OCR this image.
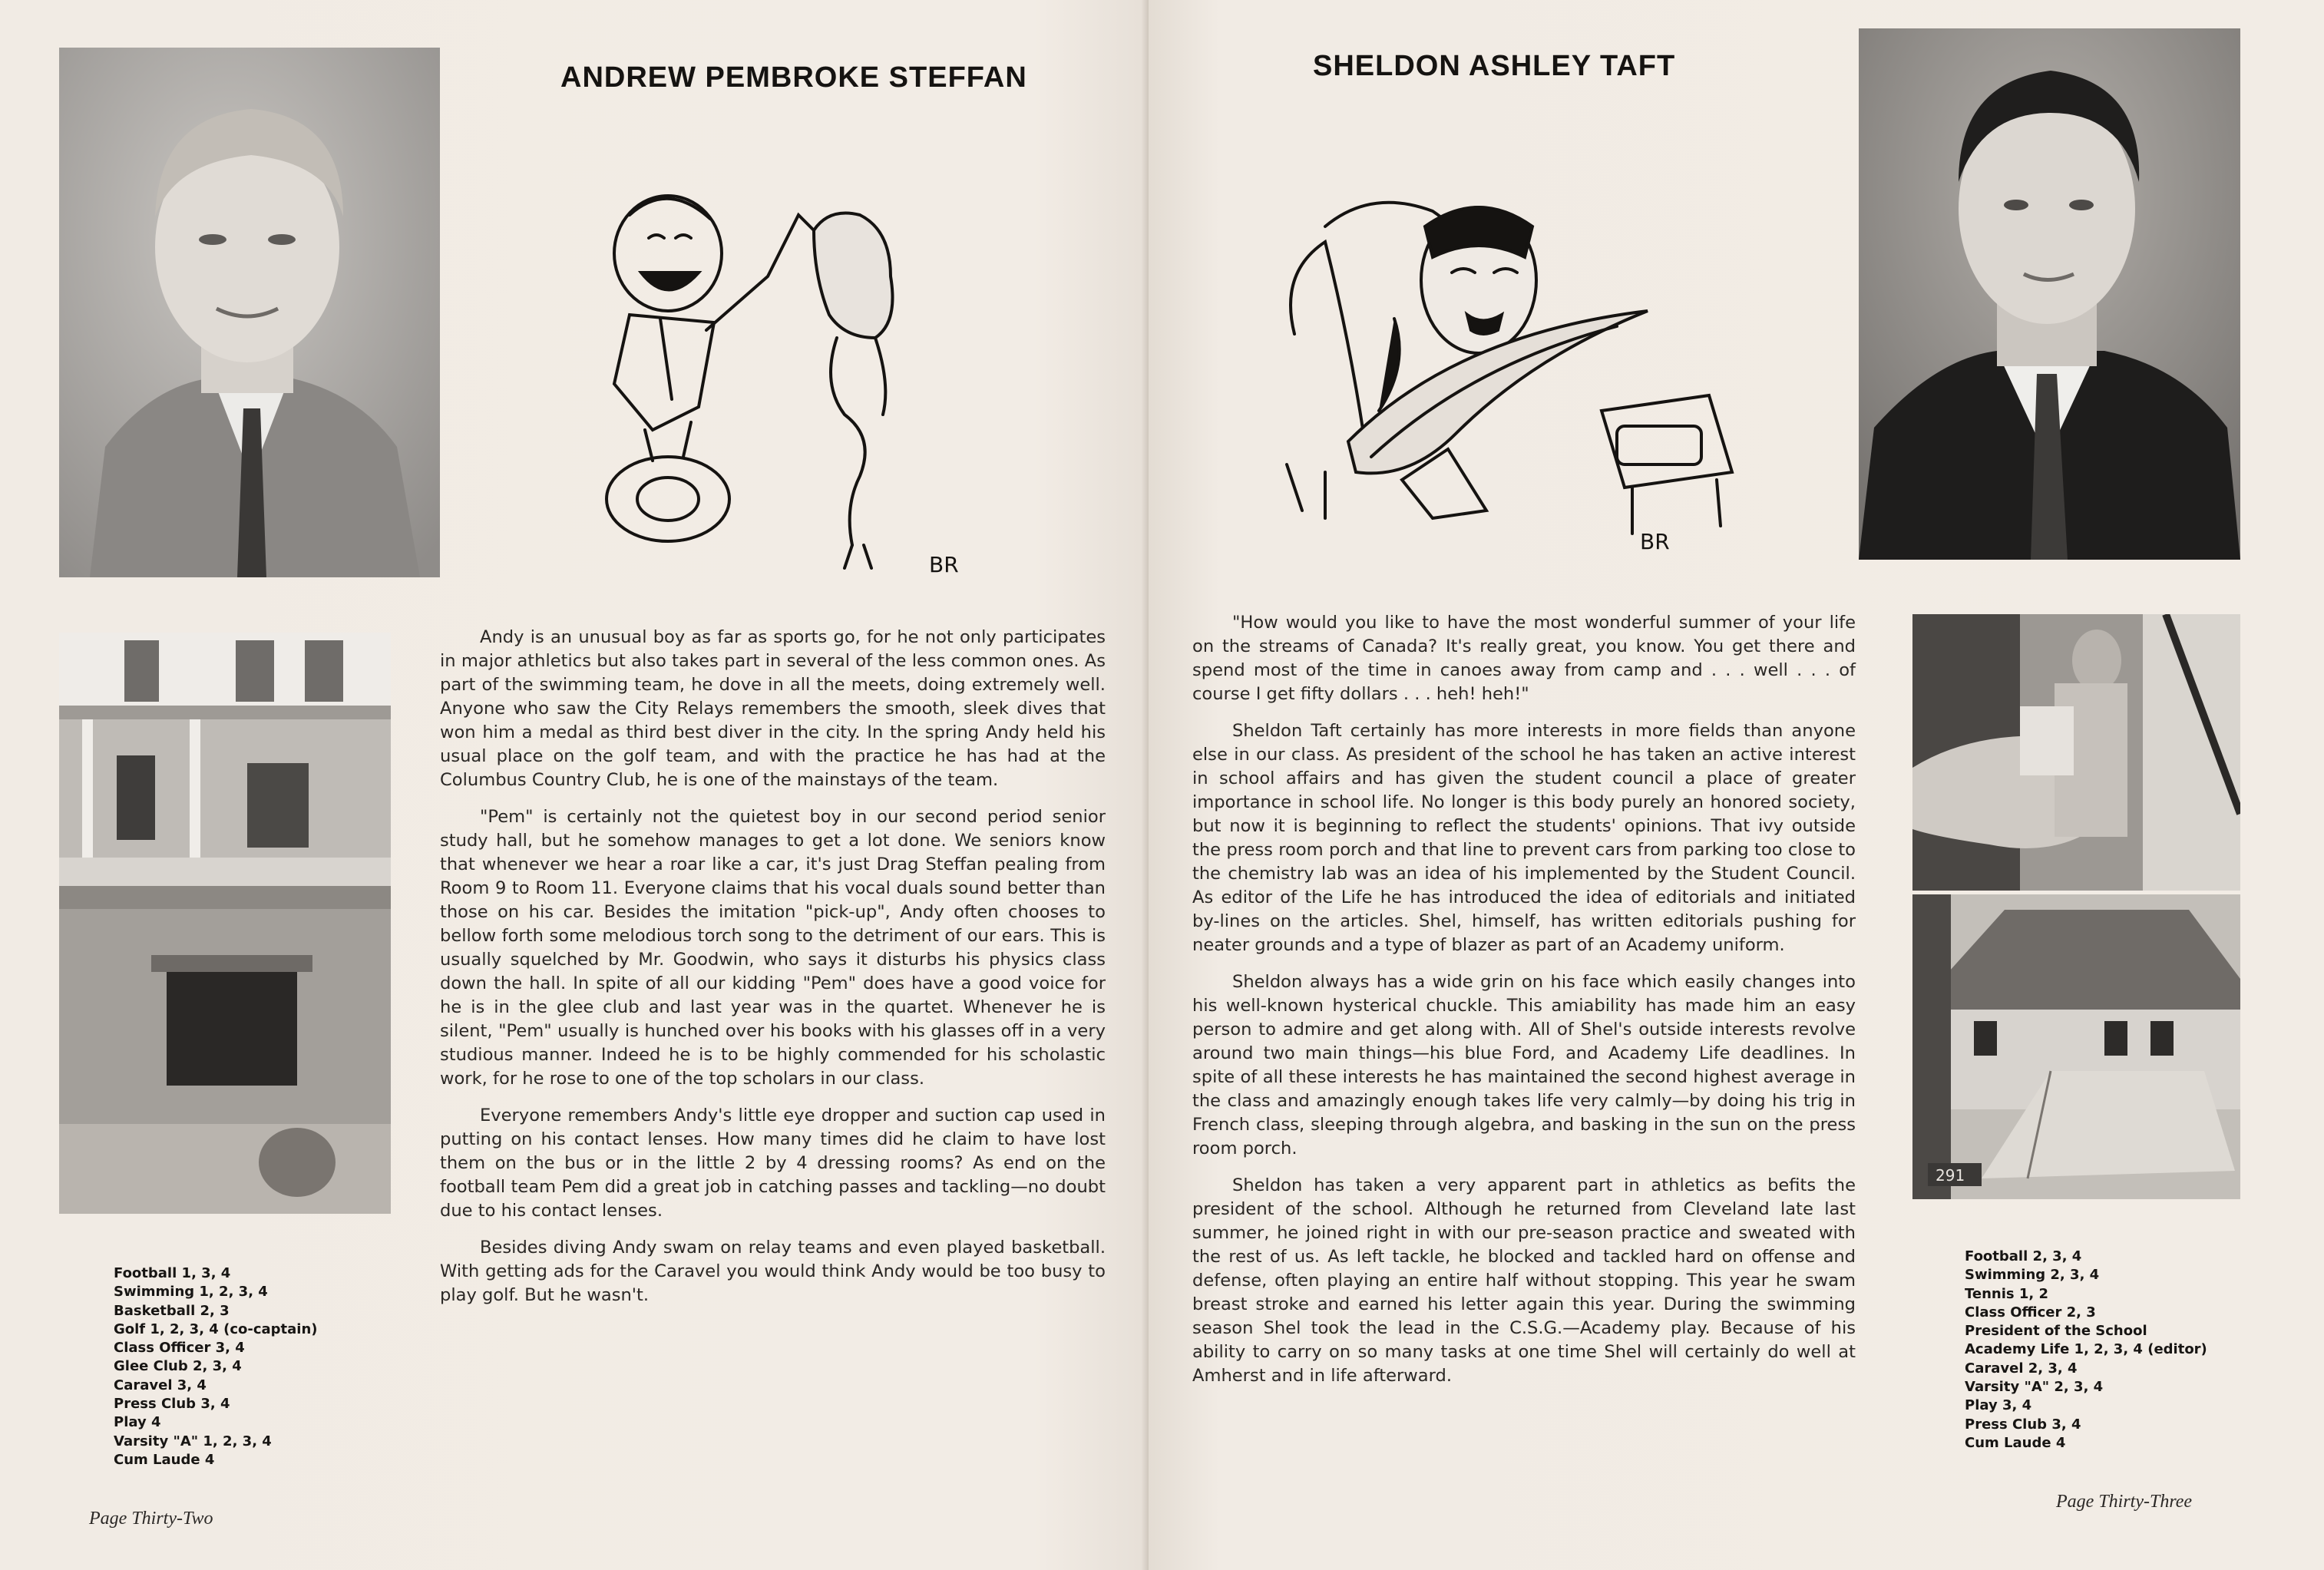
ANDREW PEMBROKE STEFFAN
BR

Andy is an unusual boy as far as sports go, for he not only participates in major athletics but also takes part in several of the less common ones. As part of the swimming team, he dove in all the meets, doing extremely well. Anyone who saw the City Relays remembers the smooth, sleek dives that won him a medal as third best diver in the city. In the spring Andy held his usual place on the golf team, and with the practice he has had at the Columbus Country Club, he is one of the mainstays of the team.

"Pem" is certainly not the quietest boy in our second period senior study hall, but he somehow manages to get a lot done. We seniors know that whenever we hear a roar like a car, it's just Drag Steffan pealing from Room 9 to Room 11. Everyone claims that his vocal duals sound better than those on his car. Besides the imitation "pick-up", Andy often chooses to bellow forth some melodious torch song to the detriment of our ears. This is usually squelched by Mr. Goodwin, who says it disturbs his physics class down the hall. In spite of all our kidding "Pem" does have a good voice for he is in the glee club and last year was in the quartet. Whenever he is silent, "Pem" usually is hunched over his books with his glasses off in a very studious manner. Indeed he is to be highly commended for his scholastic work, for he rose to one of the top scholars in our class.

Everyone remembers Andy's little eye dropper and suction cap used in putting on his contact lenses. How many times did he claim to have lost them on the bus or in the little 2 by 4 dressing rooms? As end on the football team Pem did a great job in catching passes and tackling—no doubt due to his contact lenses.

Besides diving Andy swam on relay teams and even played basketball. With getting ads for the Caravel you would think Andy would be too busy to play golf. But he wasn't.

Football 1, 3, 4
Swimming 1, 2, 3, 4
Basketball 2, 3
Golf 1, 2, 3, 4 (co-captain)
Class Officer 3, 4
Glee Club 2, 3, 4
Caravel 3, 4
Press Club 3, 4
Play 4
Varsity "A" 1, 2, 3, 4
Cum Laude 4
Page Thirty-Two
SHELDON ASHLEY TAFT
BR
291

"How would you like to have the most wonderful summer of your life on the streams of Canada? It's really great, you know. You get there and spend most of the time in canoes away from camp and . . . well . . . of course I get fifty dollars . . . heh! heh!"

Sheldon Taft certainly has more interests in more fields than anyone else in our class. As president of the school he has taken an active interest in school affairs and has given the student council a place of greater importance in school life. No longer is this body purely an honored society, but now it is beginning to reflect the students' opinions. That ivy outside the press room porch and that line to prevent cars from parking too close to the chemistry lab was an idea of his implemented by the Student Council. As editor of the Life he has introduced the idea of editorials and initiated by-lines on the articles. Shel, himself, has written editorials pushing for neater grounds and a type of blazer as part of an Academy uniform.

Sheldon always has a wide grin on his face which easily changes into his well-known hysterical chuckle. This amiability has made him an easy person to admire and get along with. All of Shel's outside interests revolve around two main things—his blue Ford, and Academy Life deadlines. In spite of all these interests he has maintained the second highest average in the class and amazingly enough takes life very calmly—by doing his trig in French class, sleeping through algebra, and basking in the sun on the press room porch.

Sheldon has taken a very apparent part in athletics as befits the president of the school. Although he returned from Cleveland late last summer, he joined right in with our pre-season practice and sweated with the rest of us. As left tackle, he blocked and tackled hard on offense and defense, often playing an entire half without stopping. This year he swam breast stroke and earned his letter again this year. During the swimming season Shel took the lead in the C.S.G.—Academy play. Because of his ability to carry on so many tasks at one time Shel will certainly do well at Amherst and in life afterward.

Football 2, 3, 4
Swimming 2, 3, 4
Tennis 1, 2
Class Officer 2, 3
President of the School
Academy Life 1, 2, 3, 4 (editor)
Caravel 2, 3, 4
Varsity "A" 2, 3, 4
Play 3, 4
Press Club 3, 4
Cum Laude 4
Page Thirty-Three
